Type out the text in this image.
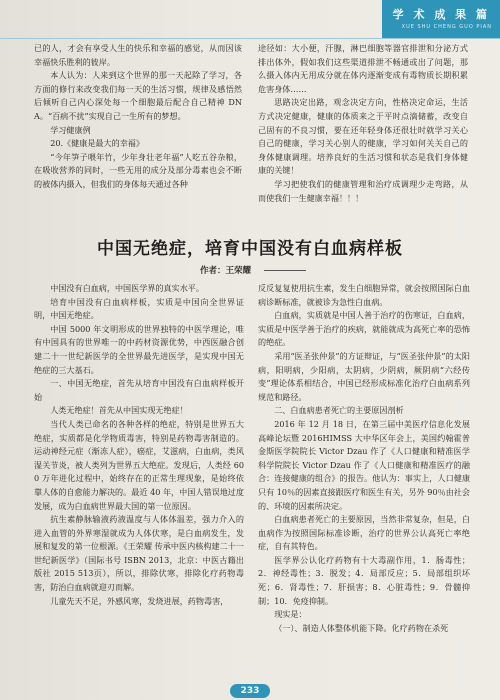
学 术 成 果 篇
XUE SHU CHENG GUO PIAN

已的人，才会有享受人生的快乐和幸福的感觉，从而因该幸福快乐胜利的彼岸。

本人认为：人来到这个世界的那一天起除了学习，各方面的修行来改变我们每一天的生活习惯，规律及感悟然后倾听自己内心深处每一个细胞最后配合自己精神 DNA。“百病不扰”实现自己一生所有的梦想。

学习健康例

20.《健康是最大的幸福》

“今年笋子喂年竹，少年身壮老年福”人吃五谷杂粮，在吸收营养的同时，一些无用的成分及部分毒素也会不断的被体内摄入，但我们的身体每天通过各种

途径如：大小便，汗腺，淋巴细胞等器官排泄和分泌方式排出体外，假如我们这些渠道排泄不畅通或出了问题，那么摄入体内无用成分就在体内逐渐变成有毒物质长期积累危害身体……

思路决定出路，观念决定方向，性格决定命运，生活方式决定健康，健康的体质来之于平时点滴储蓄，改变自己固有的不良习惯，要在还年轻身体还很壮时就学习关心自己的健康，学习关心别人的健康，学习如何关关自己的身体健康调理。培养良好的生活习惯和状态是我们身体健康的关键！

学习把使我们的健康管理和治疗成调理少走弯路，从而使我们一生健康幸福！！！

中国无绝症，培育中国没有白血病样板
作者：王荣耀

中国没有白血病，中国医学界的真实水平。

培育中国没有白血病样板，实质是中国向全世界证明，中国无绝症。

中国 5000 年文明形成的世界独特的中医学理论，唯有中国具有的世界唯一的中药材资源优势，中西医融合创建二十一世纪新医学的全世界最先进医学，是实现中国无绝症的三大基石。

一、中国无绝症，首先从培育中国没有白血病样板开始

人类无绝症！首先从中国实现无绝症！

当代人类已命名的各种各样的绝症，特别是世界五大绝症，实质都是化学物质毒害，特别是药物毒害制造的。运动神经元症（渐冻人症），癌症，艾滋病，白血病，类风湿关节炎，被人类列为世界五大绝症。发现后，人类经 600 万年进化过程中，始终存在的正常生理现象，是始终依靠人体的自愈能力解决的。最近 40 年，中国人错误地过度发展，成为白血病世界最大国的第一位原因。

抗生素静脉输液药液温度与人体体温差，强力介入的进入血管的外界寒湿就成为人体伏寒，是白血病发生，发展和复发的第一位根源。《王荣耀 传承中医内核构建二十一世纪新医学》（国际书号 ISBN 2013，北京：中医古籍出版社 2015 513页），所以，排除伏寒，排除化疗药物毒害，防治白血病就迎刃而解。

儿童先天不足，外感风寒，发烧进展，药物毒害，

反反复复使用抗生素，发生白细胞异常，就会按照国际白血病诊断标准，就被诊为急性白血病。

白血病，实质就是中国人善于治疗的伤寒证，白血病，实质是中医学善于治疗的疾病，就能就成为高死亡率的恐怖的绝症。

采用“医圣张仲景”的方证辩证，与“医圣张仲景”的太阳病，阳明病，少阳病，太阴病，少阴病，厥阴病“六经传变”理论体系相结合，中国已经形成标准化治疗白血病系列规范和路径。

二、白血病患者死亡的主要原因剖析

2016 年 12 月 18 日，在第三届中美医疗信息化发展高峰论坛暨 2016HIMSS 大中华区年会上，美国约翰霍普金斯医学院院长 Victor Dzau 作了《人口健康和精准医学科学院院长 Victor Dzau 作了《人口健康和精准医疗的融合：连接健康的组合》的报告。他认为：事实上，人口健康只有 10％的因素直接跟医疗和医生有关，另外 90％由社会的、环境的因素所决定。

白血病患者死亡的主要原因，当然非常复杂，但是，白血病作为按照国际标准诊断，治疗的世界公认高死亡率绝症，自有其特色。

医学界公认化疗药物有十大毒副作用，1．肠毒性；2．神经毒性；3．脱发；4．局部反应；5．局部组织坏死；6．肾毒性；7．肝损害；8．心脏毒性；9．骨髓抑制；10．免疫抑制。

现实是：

（一）、制造人体整体机能下降。化疗药物在杀死

233
